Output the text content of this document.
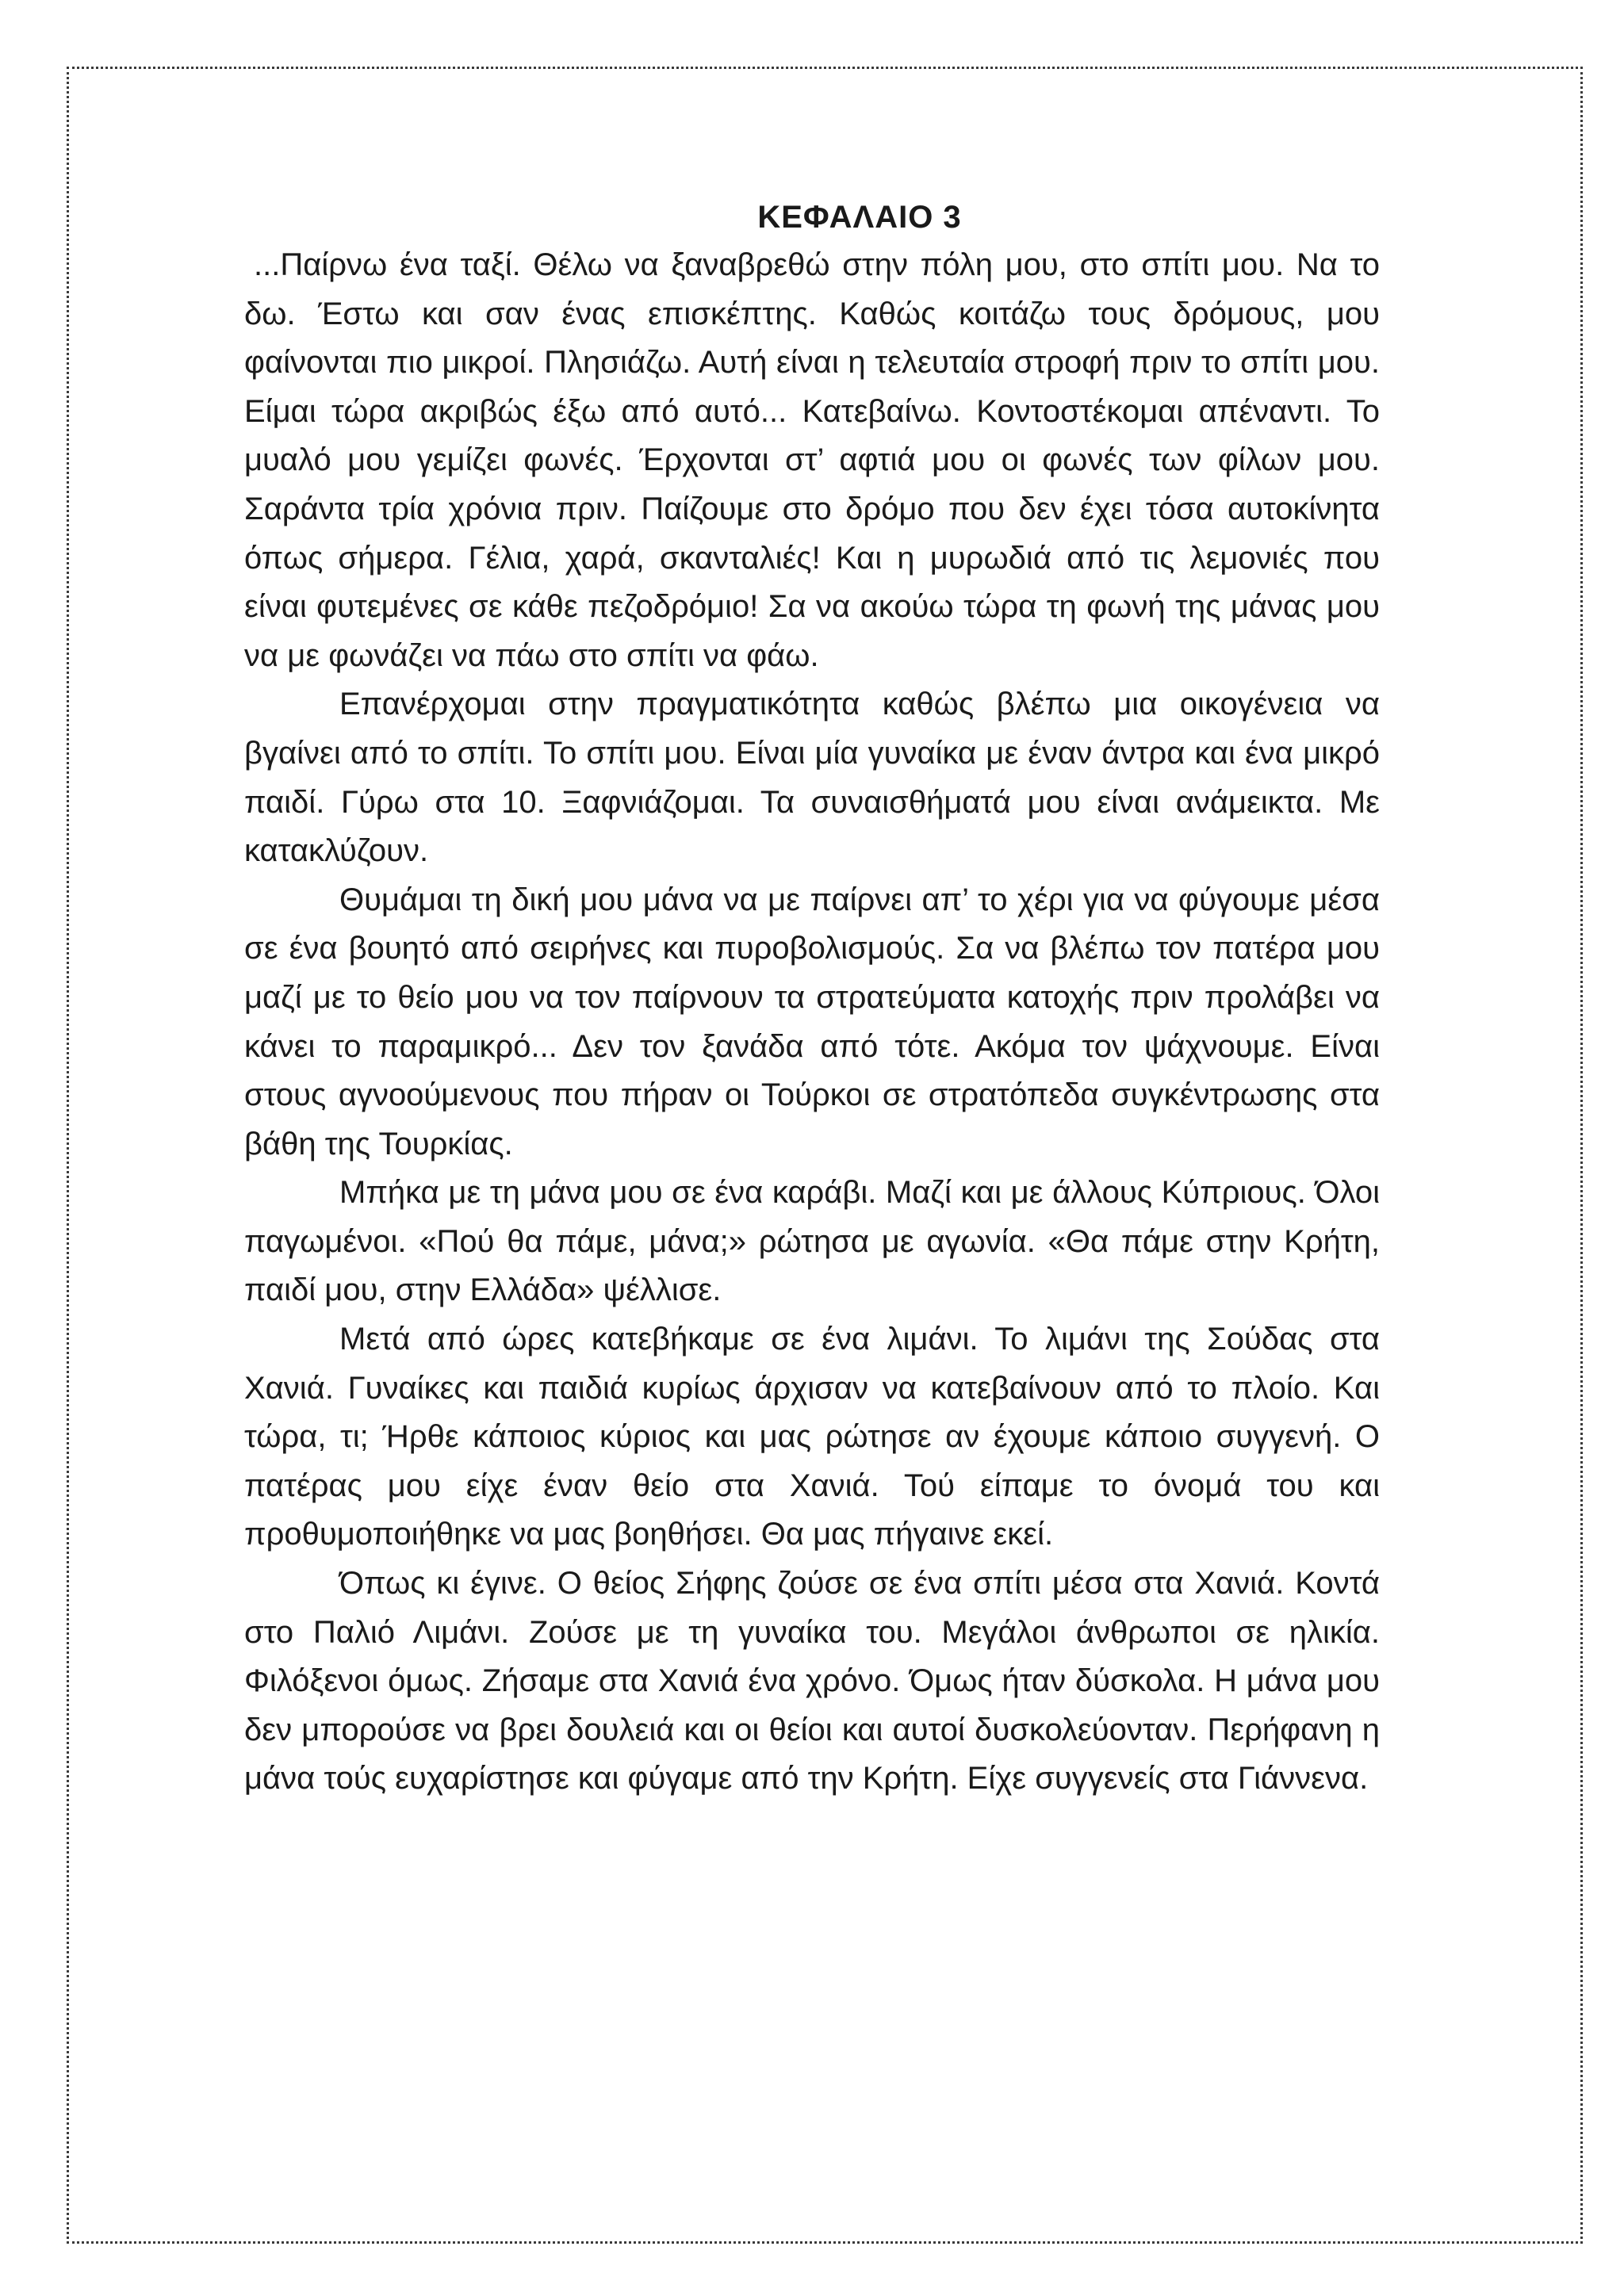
ΚΕΦΑΛΑΙΟ 3

...Παίρνω ένα ταξί. Θέλω να ξαναβρεθώ στην πόλη μου, στο σπίτι μου. Να το δω. Έστω και σαν ένας επισκέπτης. Καθώς κοιτάζω τους δρόμους, μου φαίνονται πιο μικροί. Πλησιάζω. Αυτή είναι η τελευταία στροφή πριν το σπίτι μου. Είμαι τώρα ακριβώς έξω από αυτό... Κατεβαίνω. Κοντοστέκομαι απέναντι. Το μυαλό μου γεμίζει φωνές. Έρχονται στ’ αφτιά μου οι φωνές των φίλων μου. Σαράντα τρία χρόνια πριν. Παίζουμε στο δρόμο που δεν έχει τόσα αυτοκίνητα όπως σήμερα. Γέλια, χαρά, σκανταλιές! Και η μυρωδιά από τις λεμονιές που είναι φυτεμένες σε κάθε πεζοδρόμιο! Σα να ακούω τώρα τη φωνή της μάνας μου να με φωνάζει να πάω στο σπίτι να φάω.

Επανέρχομαι στην πραγματικότητα καθώς βλέπω μια οικογένεια να βγαίνει από το σπίτι. Το σπίτι μου. Είναι μία γυναίκα με έναν άντρα και ένα μικρό παιδί. Γύρω στα 10. Ξαφνιάζομαι. Τα συναισθήματά μου είναι ανάμεικτα. Με κατακλύζουν.

Θυμάμαι τη δική μου μάνα να με παίρνει απ’ το χέρι για να φύγουμε μέσα σε ένα βουητό από σειρήνες και πυροβολισμούς. Σα να βλέπω τον πατέρα μου μαζί με το θείο μου να τον παίρνουν τα στρατεύματα κατοχής πριν προλάβει να κάνει το παραμικρό... Δεν τον ξανάδα από τότε. Ακόμα τον ψάχνουμε. Είναι στους αγνοούμενους που πήραν οι Τούρκοι σε στρατόπεδα συγκέντρωσης στα βάθη της Τουρκίας.

Μπήκα με τη μάνα μου σε ένα καράβι. Μαζί και με άλλους Κύπριους. Όλοι παγωμένοι. «Πού θα πάμε, μάνα;» ρώτησα με αγωνία. «Θα πάμε στην Κρήτη, παιδί μου, στην Ελλάδα» ψέλλισε.

Μετά από ώρες κατεβήκαμε σε ένα λιμάνι. Το λιμάνι της Σούδας στα Χανιά. Γυναίκες και παιδιά κυρίως άρχισαν να κατεβαίνουν από το πλοίο. Και τώρα, τι; Ήρθε κάποιος κύριος και μας ρώτησε αν έχουμε κάποιο συγγενή. Ο πατέρας μου είχε έναν θείο στα Χανιά. Τού είπαμε το όνομά του και προθυμοποιήθηκε να μας βοηθήσει. Θα μας πήγαινε εκεί.

Όπως κι έγινε. Ο θείος Σήφης ζούσε σε ένα σπίτι μέσα στα Χανιά. Κοντά στο Παλιό Λιμάνι. Ζούσε με τη γυναίκα του. Μεγάλοι άνθρωποι σε ηλικία. Φιλόξενοι όμως. Ζήσαμε στα Χανιά ένα χρόνο. Όμως ήταν δύσκολα. Η μάνα μου δεν μπορούσε να βρει δουλειά και οι θείοι και αυτοί δυσκολεύονταν. Περήφανη η μάνα τούς ευχαρίστησε και φύγαμε από την Κρήτη. Είχε συγγενείς στα Γιάννενα.
